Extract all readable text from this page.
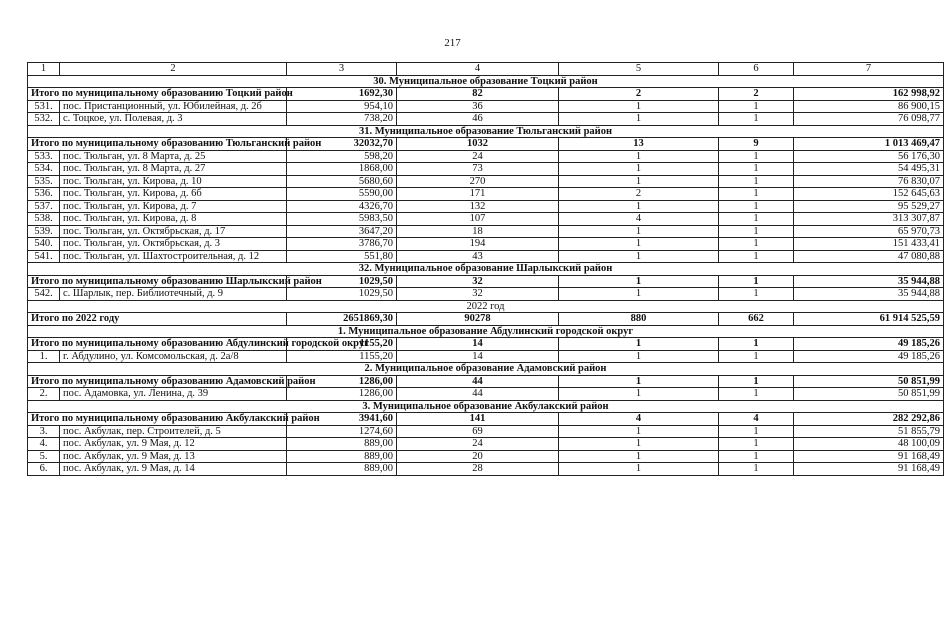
217
1	2	3	4	5	6	7
30. Муниципальное образование Тоцкий район						
Итого по муниципальному образованию Тоцкий район		1692,30	82	2	2	162 998,92
531.	пос. Пристанционный, ул. Юбилейная, д. 2б	954,10	36	1	1	86 900,15
532.	с. Тоцкое, ул. Полевая, д. 3	738,20	46	1	1	76 098,77
31. Муниципальное образование Тюльганский район						
Итого по муниципальному образованию Тюльганский район		32032,70	1032	13	9	1 013 469,47
533.	пос. Тюльган, ул. 8 Марта, д. 25	598,20	24	1	1	56 176,30
534.	пос. Тюльган, ул. 8 Марта, д. 27	1868,00	73	1	1	54 495,31
535.	пос. Тюльган, ул. Кирова, д. 10	5680,60	270	1	1	76 830,07
536.	пос. Тюльган, ул. Кирова, д. 6б	5590,00	171	2	1	152 645,63
537.	пос. Тюльган, ул. Кирова, д. 7	4326,70	132	1	1	95 529,27
538.	пос. Тюльган, ул. Кирова, д. 8	5983,50	107	4	1	313 307,87
539.	пос. Тюльган, ул. Октябрьская, д. 17	3647,20	18	1	1	65 970,73
540.	пос. Тюльган, ул. Октябрьская, д. 3	3786,70	194	1	1	151 433,41
541.	пос. Тюльган, ул. Шахтостроительная, д. 12	551,80	43	1	1	47 080,88
32. Муниципальное образование Шарлыкский район						
Итого по муниципальному образованию Шарлыкский район		1029,50	32	1	1	35 944,88
542.	с. Шарлык, пер. Библиотечный, д. 9	1029,50	32	1	1	35 944,88
2022 год						
Итого по 2022 году		2651869,30	90278	880	662	61 914 525,59
1. Муниципальное образование Абдулинский городской округ						
Итого по муниципальному образованию Абдулинский городской округ		1155,20	14	1	1	49 185,26
1.	г. Абдулино, ул. Комсомольская, д. 2а/8	1155,20	14	1	1	49 185,26
2. Муниципальное образование Адамовский район						
Итого по муниципальному образованию Адамовский район		1286,00	44	1	1	50 851,99
2.	пос. Адамовка, ул. Ленина, д. 39	1286,00	44	1	1	50 851,99
3. Муниципальное образование Акбулакский район						
Итого по муниципальному образованию Акбулакский район		3941,60	141	4	4	282 292,86
3.	пос. Акбулак, пер. Строителей, д. 5	1274,60	69	1	1	51 855,79
4.	пос. Акбулак, ул. 9 Мая, д. 12	889,00	24	1	1	48 100,09
5.	пос. Акбулак, ул. 9 Мая, д. 13	889,00	20	1	1	91 168,49
6.	пос. Акбулак, ул. 9 Мая, д. 14	889,00	28	1	1	91 168,49
